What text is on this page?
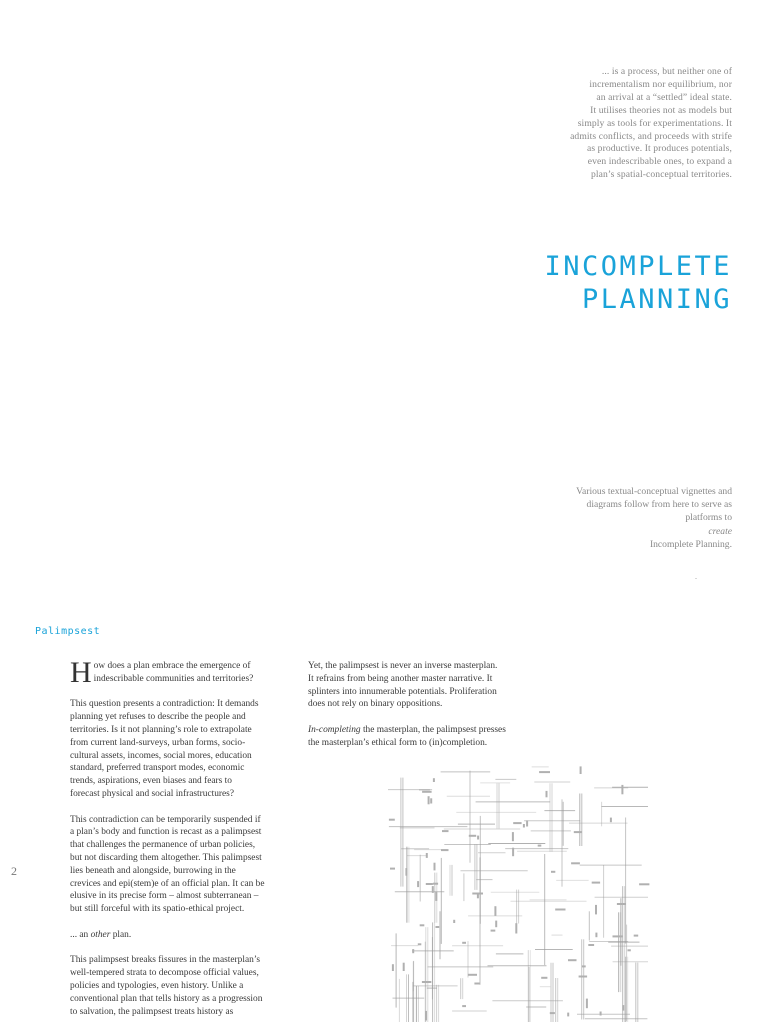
... is a process, but neither one of
incrementalism nor equilibrium, nor
an arrival at a “settled” ideal state.
It utilises theories not as models but
simply as tools for experimentations. It
admits conflicts, and proceeds with strife
as productive. It produces potentials,
even indescribable ones, to expand a
plan’s spatial-conceptual territories.
INCOMPLETE
PLANNING
Various textual-conceptual vignettes and
diagrams follow from here to serve as
platforms to
create
Incomplete Planning.
.
Palimpsest
2

H ow does a plan embrace the emergence of
indescribable communities and territories?

This question presents a contradiction: It demands
planning yet refuses to describe the people and
territories. Is it not planning’s role to extrapolate
from current land-surveys, urban forms, socio-
cultural assets, incomes, social mores, education
standard, preferred transport modes, economic
trends, aspirations, even biases and fears to
forecast physical and social infrastructures?

This contradiction can be temporarily suspended if
a plan’s body and function is recast as a palimpsest
that challenges the permanence of urban policies,
but not discarding them altogether. This palimpsest
lies beneath and alongside, burrowing in the
crevices and epi(stem)e of an official plan. It can be
elusive in its precise form – almost subterranean –
but still forceful with its spatio-ethical project.

... an other plan.

This palimpsest breaks fissures in the masterplan’s
well-tempered strata to decompose official values,
policies and typologies, even history. Unlike a
conventional plan that tells history as a progression
to salvation, the palimpsest treats history as

Yet, the palimpsest is never an inverse masterplan.
It refrains from being another master narrative. It
splinters into innumerable potentials. Proliferation
does not rely on binary oppositions.

In-completing the masterplan, the palimpsest presses
the masterplan’s ethical form to (in)completion.
